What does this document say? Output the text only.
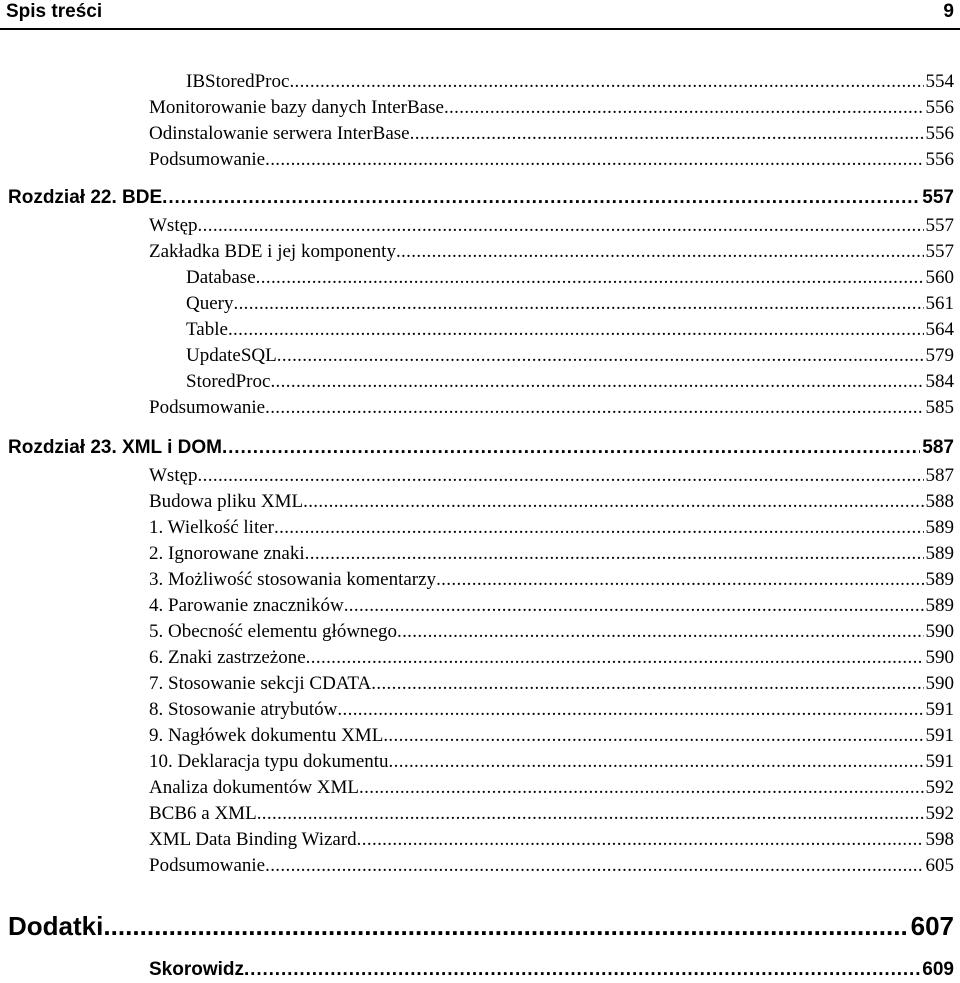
Spis treści	9
IBStoredProc . . .	554
Monitorowanie bazy danych InterBase . . .	556
Odinstalowanie serwera InterBase . . .	556
Podsumowanie . . .	556
Rozdział 22. BDE . . .	557
Wstęp . . .	557
Zakładka BDE i jej komponenty . . .	557
Database . . .	560
Query . . .	561
Table . . .	564
UpdateSQL . . .	579
StoredProc . . .	584
Podsumowanie . . .	585
Rozdział 23. XML i DOM . . .	587
Wstęp . . .	587
Budowa pliku XML . . .	588
1. Wielkość liter . . .	589
2. Ignorowane znaki . . .	589
3. Możliwość stosowania komentarzy . . .	589
4. Parowanie znaczników . . .	589
5. Obecność elementu głównego . . .	590
6. Znaki zastrzeżone . . .	590
7. Stosowanie sekcji CDATA . . .	590
8. Stosowanie atrybutów . . .	591
9. Nagłówek dokumentu XML . . .	591
10. Deklaracja typu dokumentu . . .	591
Analiza dokumentów XML . . .	592
BCB6 a XML . . .	592
XML Data Binding Wizard . . .	598
Podsumowanie . . .	605
Dodatki . . .	607
Skorowidz . . .	609
